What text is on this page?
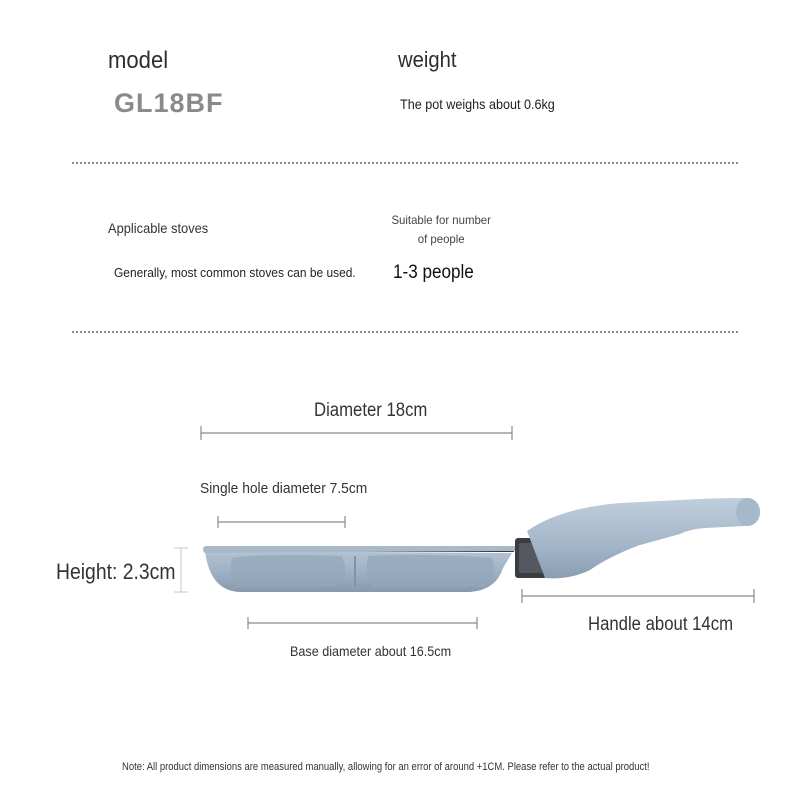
model
GL18BF
weight
The pot weighs about 0.6kg
Applicable stoves
Generally, most common stoves can be used.
Suitable for number of people
1-3 people
Diameter 18cm
Single hole diameter 7.5cm
Height: 2.3cm
Handle about 14cm
Base diameter about 16.5cm
Note: All product dimensions are measured manually, allowing for an error of around +1CM. Please refer to the actual product!
